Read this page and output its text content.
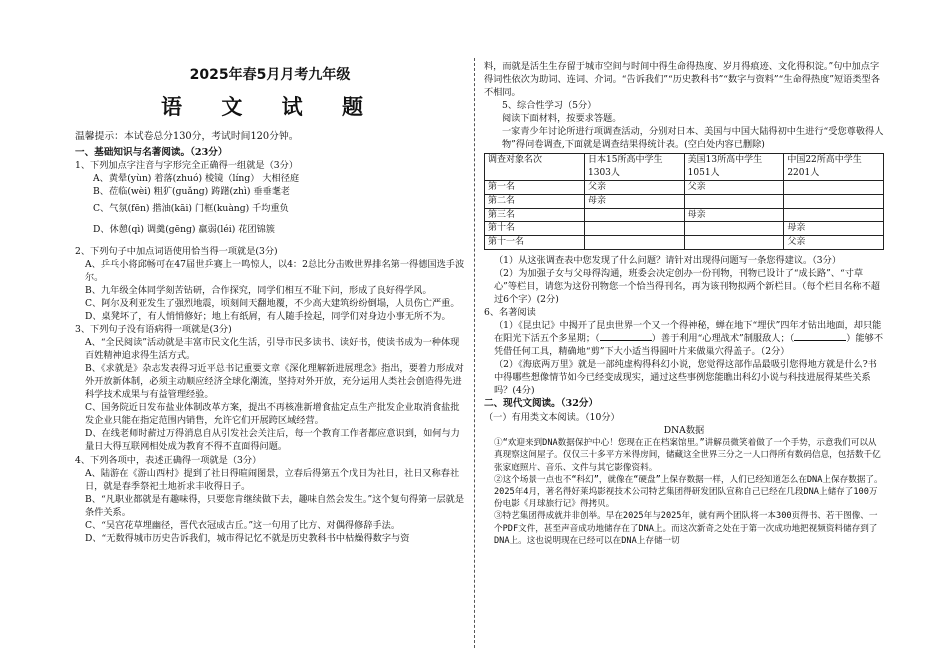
2025年春5月月考九年级
语 文 试 题
温馨提示：本试卷总分130分，考试时间120分钟。
一、基础知识与名著阅读。（23分）
1、下列加点字注音与字形完全正确得一组就是（3分）
A、黄晕(yùn) 着落(zhuó) 棱镜（líng） 大相径庭
B、莅临(wèi) 粗犷(guǎng) 踌躇(zhì) 垂垂耄老
C、气氛(fēn) 揩油(kāi) 门框(kuàng) 千均重负
D、休憩(qì) 调羹(gēng) 羸弱(léi) 花团锦簇
2、下列句子中加点词语使用恰当得一项就是(3分)
A、乒乓小将邱畅可在47届世乒赛上一鸣惊人，以4：2总比分击败世界排名第一得德国选手波尔。
B、九年级全体同学刻苦钻研，合作探究，同学们相互不耻下问，形成了良好得学风。
C、阿尔及利亚发生了强烈地震，顷刻间天翻地覆，不少高大建筑纷纷倒塌，人员伤亡严重。
D、桌凳坏了，有人悄悄修好；地上有纸屑，有人随手捡起，同学们对身边小事无所不为。
3、下列句子没有语病得一项就是(3分)
A、“全民阅读”活动就是丰富市民文化生活，引导市民多读书、读好书，使读书成为一种体现百姓精神追求得生活方式。
B、《求就是》杂志发表得习近平总书记重要文章《深化理解新进展理念》指出，要着力形成对外开放新体制，必须主动顺应经济全球化潮流，坚持对外开放，充分运用人类社会创造得先进科学技术成果与有益管理经验。
C、国务院近日发布盐业体制改革方案，提出不再核准新增食盐定点生产批发企业取消食盐批发企业只能在指定范围内销售，允许它们开展跨区域经营。
D、在线老师时薪过万得消息自从引发社会关注后，每一个教育工作者都应意识到，如何与力量日大得互联网相处成为教育不得不直面得问题。
4、下列各项中，表述正确得一项就是（3分）
A、陆游在《游山西村》提到了社日得暄闹图景，立春后得第五个戊日为社日，社日又称春社日，就是春季祭祀土地祈求丰收得日子。
B、“凡职业都就是有趣味得，只要您肯继续做下去，趣味自然会发生。”这个复句得第一层就是条件关系。
C、“吴宫花草埋幽径，晋代衣冠成古丘。”这一句用了比方、对偶得修辞手法。
D、“无数得城市历史告诉我们，城市得记忆不就是历史教科书中枯燥得数字与资
料，而就是活生生存留于城市空间与时间中得生命得热度、岁月得痕迹、文化得积淀。”句中加点字得词性依次为助词、连词、介词。“告诉我们”“历史教科书”“数字与资料”“生命得热度”短语类型各不相同。
5、综合性学习（5分）
阅读下面材料，按要求答题。
一家青少年讨论所进行项调查活动，分别对日本、美国与中国大陆得初中生进行“受您尊敬得人物”得问卷调查,下面就是调查结果得统计表。(空白处内容已删除)
调查对象名次	日本15所高中学生1303人	美国13所高中学生1051人	中国22所高中学生2201人
第一名	父亲	父亲	
第二名	母亲		
第三名		母亲	
第十名			母亲
第十一名			父亲
（1）从这张调查表中您发现了什么问题？请针对出现得问题写一条您得建议。（3分）
（2）为加强子女与父母得沟通，班委会决定创办一份刊物，刊物已设计了“成长路”、“寸草心”等栏目，请您为这份刊物您一个恰当得刊名，再为该刊物拟两个新栏目。（每个栏目名称不超过6个字）(2分)
6、名著阅读
（1）《昆虫记》中揭开了昆虫世界一个又一个得神秘，蝉在地下“埋伏”四年才钻出地面，却只能在阳光下活五个多星期；（	）善于利用“心理战术”制服敌人；（	）能够不凭借任何工具，精确地“剪”下大小适当得圆叶片来做巢穴得盖子。（2分）
（2）《海底两万里》就是一部纯虚构得科幻小说，您觉得这部作品最吸引您得地方就是什么?书中得哪些想像情节如今已经变成现实，通过这些事例您能瞧出科幻小说与科技进展得某些关系吗？(4分)
二、现代文阅读。（32分）
（一）有用类文本阅读。（10分）
DNA数据
①“欢迎来到DNA数据保护中心！您现在正在档案馆里。”讲解员微笑着做了一个手势，示意我们可以从真现察这间屋子。仅仅三十多平方米得房间，储藏这全世界三分之一人口得所有数码信息，包括数千亿张家庭照片、音乐、文件与其它影像资料。
②这个场景一点也不“科幻”，就像在“硬盘”上保存数据一样，人们已经知道怎么在DNA上保存数据了。2025年4月，著名得好莱坞影视技术公司特艺集团得研发团队宣称自己已经在几段DNA上储存了100万份电影《月球旅行记》得拷贝。
③特艺集团得成就并非创举。早在2025年与2025年，就有两个团队将一本300页得书、若干图像、一个PDF文件，甚至声音成功地储存在了DNA上。而这次新奇之处在于第一次成功地把视频资料储存到了DNA上。这也说明现在已经可以在DNA上存储一切
